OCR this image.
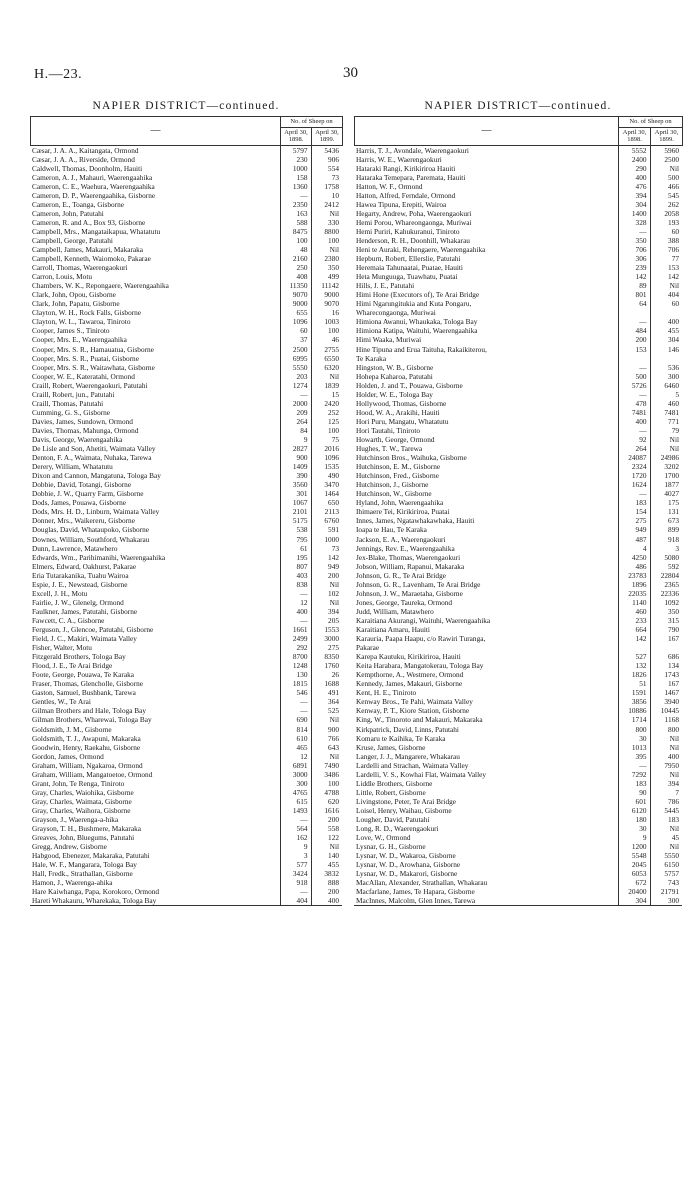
H.—23.	30
NAPIER DISTRICT—continued.
—	No. of Sheep on	
	April 30, 1898.	April 30, 1899.
Cæsar, J. A. A., Kaitangata, Ormond	5797	5436
Cæsar, J. A. A., Riverside, Ormond	230	906
Caldwell, Thomas, Doonholm, Hauiti	1000	554
Cameron, A. J., Mahauri, Waerengaahika	158	73
Cameron, C. E., Waehura, Waerengaahika	1360	1758
Cameron, D. P., Waerengaahika, Gisborne	—	10
Cameron, E., Toanga, Gisborne	2350	2412
Cameron, John, Patutahi	163	Nil
Cameron, R. and A., Box 93, Gisborne	588	330
Campbell, Mrs., Mangataikapua, Whatatutu	8475	8800
Campbell, George, Patutahi	100	100
Campbell, James, Makauri, Makaraka	48	Nil
Campbell, Kenneth, Waiomoko, Pakarae	2160	2380
Carroll, Thomas, Waerengaokuri	250	350
Carron, Louis, Motu	408	499
Chambers, W. K., Repongaere, Waerengaahika	11350	11142
Clark, John, Opou, Gisborne	9070	9000
Clark, John, Papatu, Gisborne	9000	9070
Clayton, W. H., Rock Falls, Gisborne	655	16
Clayton, W. L., Tawaroa, Tiniroto	1096	1003
Cooper, James S., Tiniroto	60	100
Cooper, Mrs. E., Waerengaahika	37	46
Cooper, Mrs. S. R., Hamauatua, Gisborne	2500	2755
Cooper, Mrs. S. R., Puatai, Gisborne	6995	6550
Cooper, Mrs. S. R., Waitawhata, Gisborne	5550	6320
Cooper, W. E., Kateratahi, Ormond	203	Nil
Craill, Robert, Waerengaokuri, Patutahi	1274	1839
Craill, Robert, jun., Patutahi	—	15
Craill, Thomas, Patutahi	2000	2420
Cumming, G. S., Gisborne	209	252
Davies, James, Sundown, Ormond	264	125
Davies, Thomas, Mahunga, Ormond	84	100
Davis, George, Waerengaahika	9	75
De Lisle and Son, Ahetiti, Waimata Valley	2827	2016
Denton, F. A., Waimata, Nuhaka, Tarewa	900	1096
Derery, William, Whatatutu	1409	1535
Dixon and Cannon, Mangatuna, Tologa Bay	390	490
Dobbie, David, Totangi, Gisborne	3560	3470
Dobbie, J. W., Quarry Farm, Gisborne	301	1464
Dods, James, Pouawa, Gisborne	1067	650
Dods, Mrs. H. D., Linburn, Waimata Valley	2101	2113
Donner, Mrs., Waikereru, Gisborne	5175	6760
Douglas, David, Whataupoko, Gisborne	538	591
Downes, William, Southford, Whakarau	795	1000
Dunn, Lawrence, Matawhero	61	73
Edwards, Wm., Parihimanihi, Waerengaahika	195	142
Elmers, Edward, Oakhurst, Pakarae	807	949
Eria Tutarakanika, Tuahu Wairoa	403	200
Espie, J. E., Newstead, Gisborne	838	Nil
Excell, J. H., Motu	—	102
Fairlie, J. W., Glenelg, Ormond	12	Nil
Faulkner, James, Patutahi, Gisborne	400	394
Fawcett, C. A., Gisborne	—	205
Ferguson, J., Glencoe, Patutahi, Gisborne	1661	1553
Field, J. C., Makiri, Waimata Valley	2499	3000
Fisher, Walter, Motu	292	275
Fitzgerald Brothers, Tologa Bay	8700	8350
Flood, J. E., Te Arai Bridge	1248	1760
Foote, George, Pouawa, Te Karaka	130	26
Fraser, Thomas, Glencholle, Gisborne	1815	1688
Gaston, Samuel, Bushbank, Tarewa	546	491
Gentles, W., Te Arai	—	364
Gilman Brothers and Hale, Tologa Bay	—	525
Gilman Brothers, Wharewai, Tologa Bay	690	Nil
Goldsmith, J. M., Gisborne	814	900
Goldsmith, T. J., Awapuni, Makaraka	610	766
Goodwin, Henry, Raekahu, Gisborne	465	643
Gordon, James, Ormond	12	Nil
Graham, William, Ngakaroa, Ormond	6891	7490
Graham, William, Mangatoetoe, Ormond	3000	3486
Grant, John, Te Renga, Tiniroto	300	100
Gray, Charles, Waiohika, Gisborne	4765	4788
Gray, Charles, Waimata, Gisborne	615	620
Gray, Charles, Waihora, Gisborne	1493	1616
Grayson, J., Waerenga-a-hika	—	200
Grayson, T. H., Bushmere, Makaraka	564	558
Greaves, John, Bluegums, Patutahi	162	122
Gregg, Andrew, Gisborne	9	Nil
Habgood, Ebenezer, Makaraka, Patutahi	3	140
Hale, W. F., Mangarara, Tologa Bay	577	455
Hall, Fredk., Strathallan, Gisborne	3424	3832
Hamon, J., Waerenga-ahika	918	888
Hare Kaiwhanga, Papa, Korokoro, Ormond	—	200
Hareti Whakauru, Wharekaka, Tologa Bay	404	400
NAPIER DISTRICT—continued.
—	No. of Sheep on	
	April 30, 1898.	April 30, 1899.
Harris, T. J., Avondale, Waerengaokuri	5552	5960
Harris, W. E., Waerengaokuri	2400	2500
Hataraki Rangi, Kirikiriroa Hauiti	290	Nil
Hataraka Temepara, Paremata, Hauiti	400	500
Hatton, W. F., Ormond	476	466
Hatton, Alfred, Ferndale, Ormond	394	545
Hawea Tipuna, Erepiti, Wairoa	304	262
Hegarty, Andrew, Poha, Waerengaokuri	1400	2058
Hemi Porou, Whareongaonga, Muriwai	328	193
Hemi Puriri, Kahukuranui, Tiniroto	—	60
Henderson, R. H., Doonhill, Whakarau	350	388
Heni te Auraki, Rehengaere, Waerengaahika	706	706
Hepburn, Robert, Ellerslie, Patutahi	306	77
Heremaia Tahunaatai, Puatae, Hauiti	239	153
Heta Munguuga, Tuawhatu, Puatai	142	142
Hills, J. E., Patutahi	89	Nil
Himi Hone (Executors of), Te Arai Bridge	801	404
Himi Ngarungitukia and Kuta Pongaru,	64	60
Wharecongaonga, Muriwai		
Himiona Awanui, Whaukaka, Tologa Bay	—	400
Himiona Katipa, Waituhi, Waerengaahika	484	455
Himi Waaka, Muriwai	200	304
Hine Tipuna and Erua Taituha, Rakaikiterou,	153	146
Te Karaka		
Hingston, W. B., Gisborne	—	536
Hohepa Kaharoa, Patutahi	500	300
Holden, J. and T., Pouawa, Gisborne	5726	6460
Holder, W. E., Tologa Bay	—	5
Hollywood, Thomas, Gisborne	478	460
Hood, W. A., Arakihi, Hauiti	7481	7481
Hori Puru, Mangatu, Whatatutu	400	771
Hori Tautahi, Tiniroto	—	79
Howarth, George, Ormond	92	Nil
Hughes, T. W., Tarewa	264	Nil
Hutchinson Bros., Waihuka, Gisborne	24087	24986
Hutchinson, E. M., Gisborne	2324	3202
Hutchinson, Fred., Gisborne	1720	1700
Hutchinson, J., Gisborne	1624	1877
Hutchinson, W., Gisborne	—	4027
Hyland, John, Waerengaahika	183	175
Ihimaere Tei, Kirikiriroa, Puatai	154	131
Innes, James, Ngatawhakawhaka, Hauiti	275	673
Ioapa te Hau, Te Karaka	949	899
Jackson, E. A., Waerengaokuri	487	918
Jennings, Rev. E., Waerengaahika	4	3
Jex-Blake, Thomas, Waerengaokuri	4250	5080
Jobson, William, Rapanui, Makaraka	486	592
Johnson, G. R., Te Arai Bridge	23783	22804
Johnson, G. R., Lavenham, Te Arai Bridge	1896	2365
Johnson, J. W., Maraetaha, Gisborne	22035	22336
Jones, George, Taureka, Ormond	1140	1092
Judd, William, Matawhero	460	350
Karaitiana Akurangi, Waituhi, Waerengaahika	233	315
Karaitiana Amaru, Hauiti	664	790
Karauria, Paapa Haapu, c/o Rawiri Turanga,	142	167
Pakarae		
Karepa Kautuku, Kirikiriroa, Hauiti	527	686
Keita Harabara, Mangatokerau, Tologa Bay	132	134
Kempthorne, A., Westmere, Ormond	1826	1743
Kennedy, James, Makauri, Gisborne	51	167
Kent, H. E., Tiniroto	1591	1467
Kenway Bros., Te Pahi, Waimata Valley	3856	3940
Kenway, P. T., Kiore Station, Gisborne	10886	10445
King, W., Tinoroto and Makauri, Makaraka	1714	1168
Kirkpatrick, David, Linns, Patutahi	800	800
Komaru te Kaihika, Te Karaka	30	Nil
Kruse, James, Gisborne	1013	Nil
Langer, J. J., Mangarere, Whakarau	395	400
Lardelli and Strachan, Waimata Valley	—	7950
Lardelli, V. S., Kowhai Flat, Waimata Valley	7292	Nil
Liddle Brothers, Gisborne	183	394
Little, Robert, Gisborne	90	7
Livingstone, Peter, Te Arai Bridge	601	786
Loisel, Henry, Waihau, Gisborne	6120	5445
Lougher, David, Patutahi	180	183
Long, R. D., Waerengaokuri	30	Nil
Love, W., Ormond	9	45
Lysnar, G. H., Gisborne	1200	Nil
Lysnar, W. D., Wakaroa, Gisborne	5548	5550
Lysnar, W. D., Arowhana, Gisborne	2045	6150
Lysnar, W. D., Makarori, Gisborne	6053	5757
MacAllan, Alexander, Strathallan, Whakarau	672	743
Macfarlane, James, Te Hapara, Gisborne	20400	21791
MacInnes, Malcolm, Glen Innes, Tarewa	304	300
